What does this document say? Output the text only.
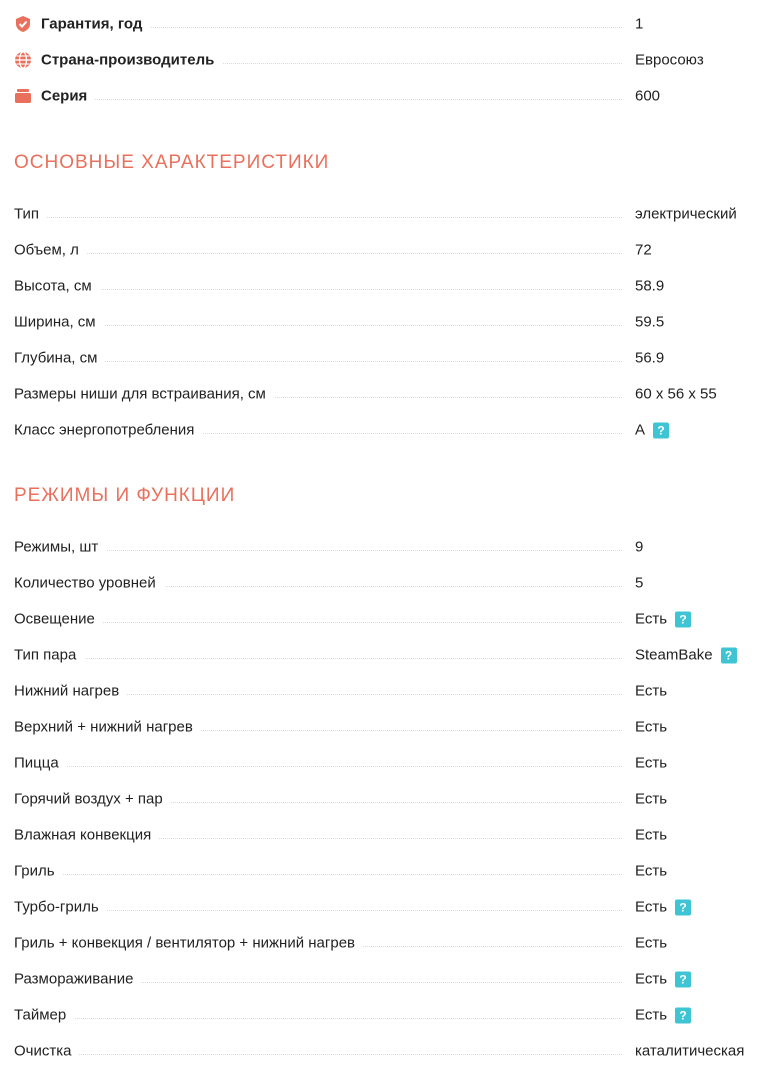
Гарантия, год	1
Страна-производитель	Евросоюз
Серия	600
ОСНОВНЫЕ ХАРАКТЕРИСТИКИ
Тип	электрический
Объем, л	72
Высота, см	58.9
Ширина, см	59.5
Глубина, см	56.9
Размеры ниши для встраивания, см	60 x 56 x 55
Класс энергопотребления	A	?
РЕЖИМЫ И ФУНКЦИИ
Режимы, шт	9
Количество уровней	5
Освещение	Есть	?
Тип пара	SteamBake	?
Нижний нагрев	Есть
Верхний + нижний нагрев	Есть
Пицца	Есть
Горячий воздух + пар	Есть
Влажная конвекция	Есть
Гриль	Есть
Турбо-гриль	Есть	?
Гриль + конвекция / вентилятор + нижний нагрев	Есть
Размораживание	Есть	?
Таймер	Есть	?
Очистка	каталитическая
